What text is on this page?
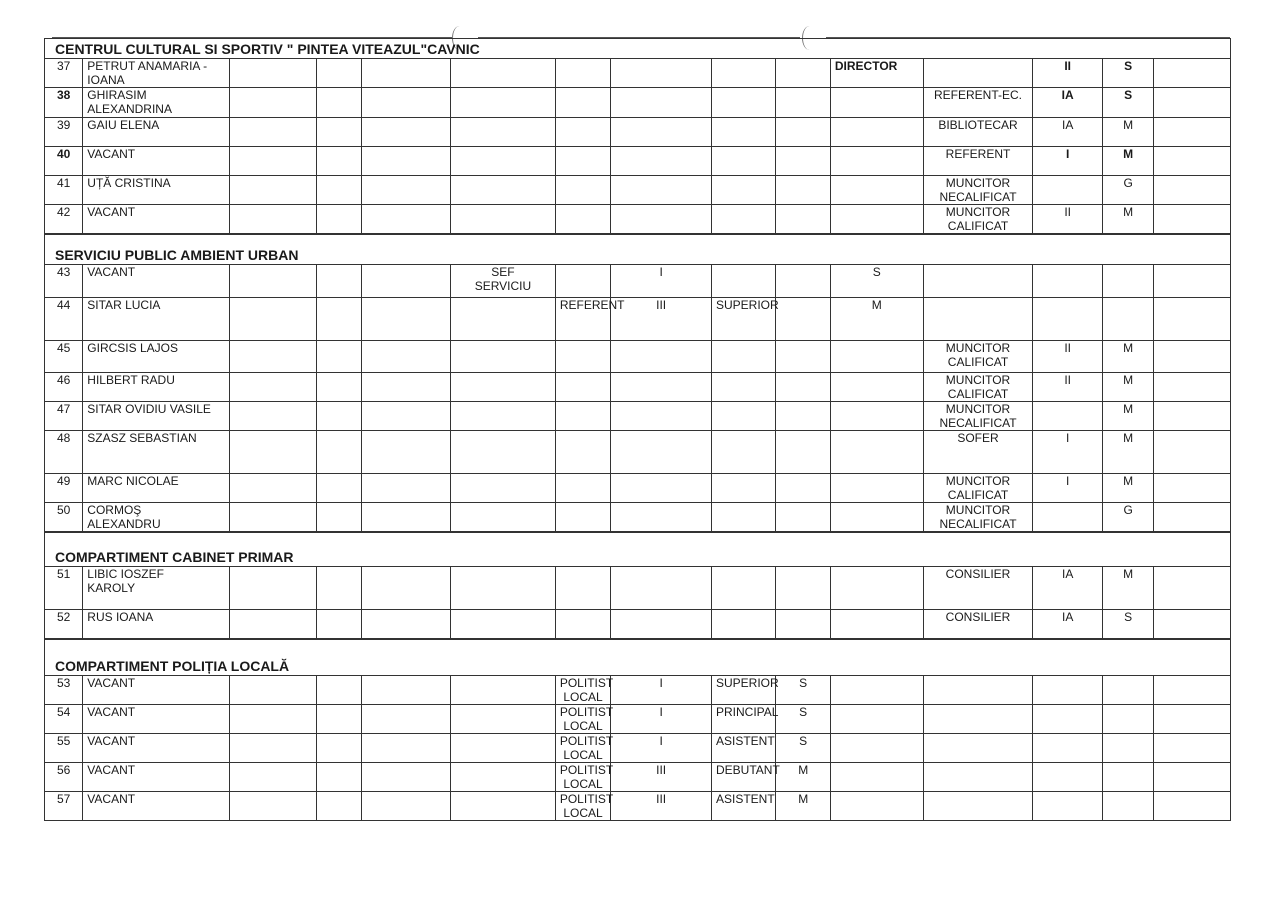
CENTRUL CULTURAL SI SPORTIV " PINTEA VITEAZUL"CAVNIC
37	PETRUT ANAMARIA -
IOANA									DIRECTOR		II	S	
38	GHIRASIM
ALEXANDRINA										REFERENT-EC.	IA	S	
39	GAIU ELENA										BIBLIOTECAR	IA	M	
40	VACANT										REFERENT	I	M	
41	UȚĂ CRISTINA										MUNCITOR
NECALIFICAT		G	
42	VACANT										MUNCITOR
CALIFICAT	II	M	
SERVICIU PUBLIC AMBIENT URBAN
43	VACANT				SEF
SERVICIU		I			S				
44	SITAR LUCIA					REFERENT	III	SUPERIOR		M				
45	GIRCSIS LAJOS										MUNCITOR
CALIFICAT	II	M	
46	HILBERT RADU										MUNCITOR
CALIFICAT	II	M	
47	SITAR OVIDIU VASILE										MUNCITOR
NECALIFICAT		M	
48	SZASZ SEBASTIAN										SOFER	I	M	
49	MARC NICOLAE										MUNCITOR
CALIFICAT	I	M	
50	CORMOŞ
ALEXANDRU										MUNCITOR
NECALIFICAT		G	
COMPARTIMENT CABINET PRIMAR
51	LIBIC IOSZEF
KAROLY										CONSILIER	IA	M	
52	RUS IOANA										CONSILIER	IA	S	
COMPARTIMENT POLIȚIA LOCALĂ
53	VACANT					POLITIST
LOCAL	I	SUPERIOR	S					
54	VACANT					POLITIST
LOCAL	I	PRINCIPAL	S					
55	VACANT					POLITIST
LOCAL	I	ASISTENT	S					
56	VACANT					POLITIST
LOCAL	III	DEBUTANT	M					
57	VACANT					POLITIST
LOCAL	III	ASISTENT	M					
